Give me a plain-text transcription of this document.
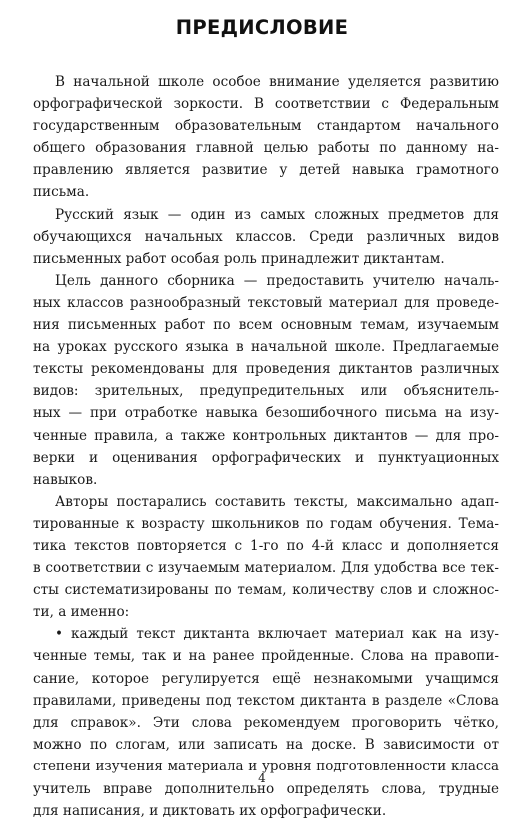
ПРЕДИСЛОВИЕ
В начальной школе особое внимание уделяется развитию
орфографической зоркости. В соответствии с Федеральным
государственным образовательным стандартом начального
общего образования главной целью работы по данному на-
правлению является развитие у детей навыка грамотного
письма.
Русский язык — один из самых сложных предметов для
обучающихся начальных классов. Среди различных видов
письменных работ особая роль принадлежит диктантам.
Цель данного сборника — предоставить учителю началь-
ных классов разнообразный текстовый материал для проведе-
ния письменных работ по всем основным темам, изучаемым
на уроках русского языка в начальной школе. Предлагаемые
тексты рекомендованы для проведения диктантов различных
видов: зрительных, предупредительных или объяснитель-
ных — при отработке навыка безошибочного письма на изу-
ченные правила, а также контрольных диктантов — для про-
верки и оценивания орфографических и пунктуационных
навыков.
Авторы постарались составить тексты, максимально адап-
тированные к возрасту школьников по годам обучения. Тема-
тика текстов повторяется с 1-го по 4-й класс и дополняется
в соответствии с изучаемым материалом. Для удобства все тек-
сты систематизированы по темам, количеству слов и сложнос-
ти, а именно:
• каждый текст диктанта включает материал как на изу-
ченные темы, так и на ранее пройденные. Слова на правопи-
сание, которое регулируется ещё незнакомыми учащимся
правилами, приведены под текстом диктанта в разделе «Слова
для справок». Эти слова рекомендуем проговорить чётко,
можно по слогам, или записать на доске. В зависимости от
степени изучения материала и уровня подготовленности класса
учитель вправе дополнительно определять слова, трудные
для написания, и диктовать их орфографически.
4
